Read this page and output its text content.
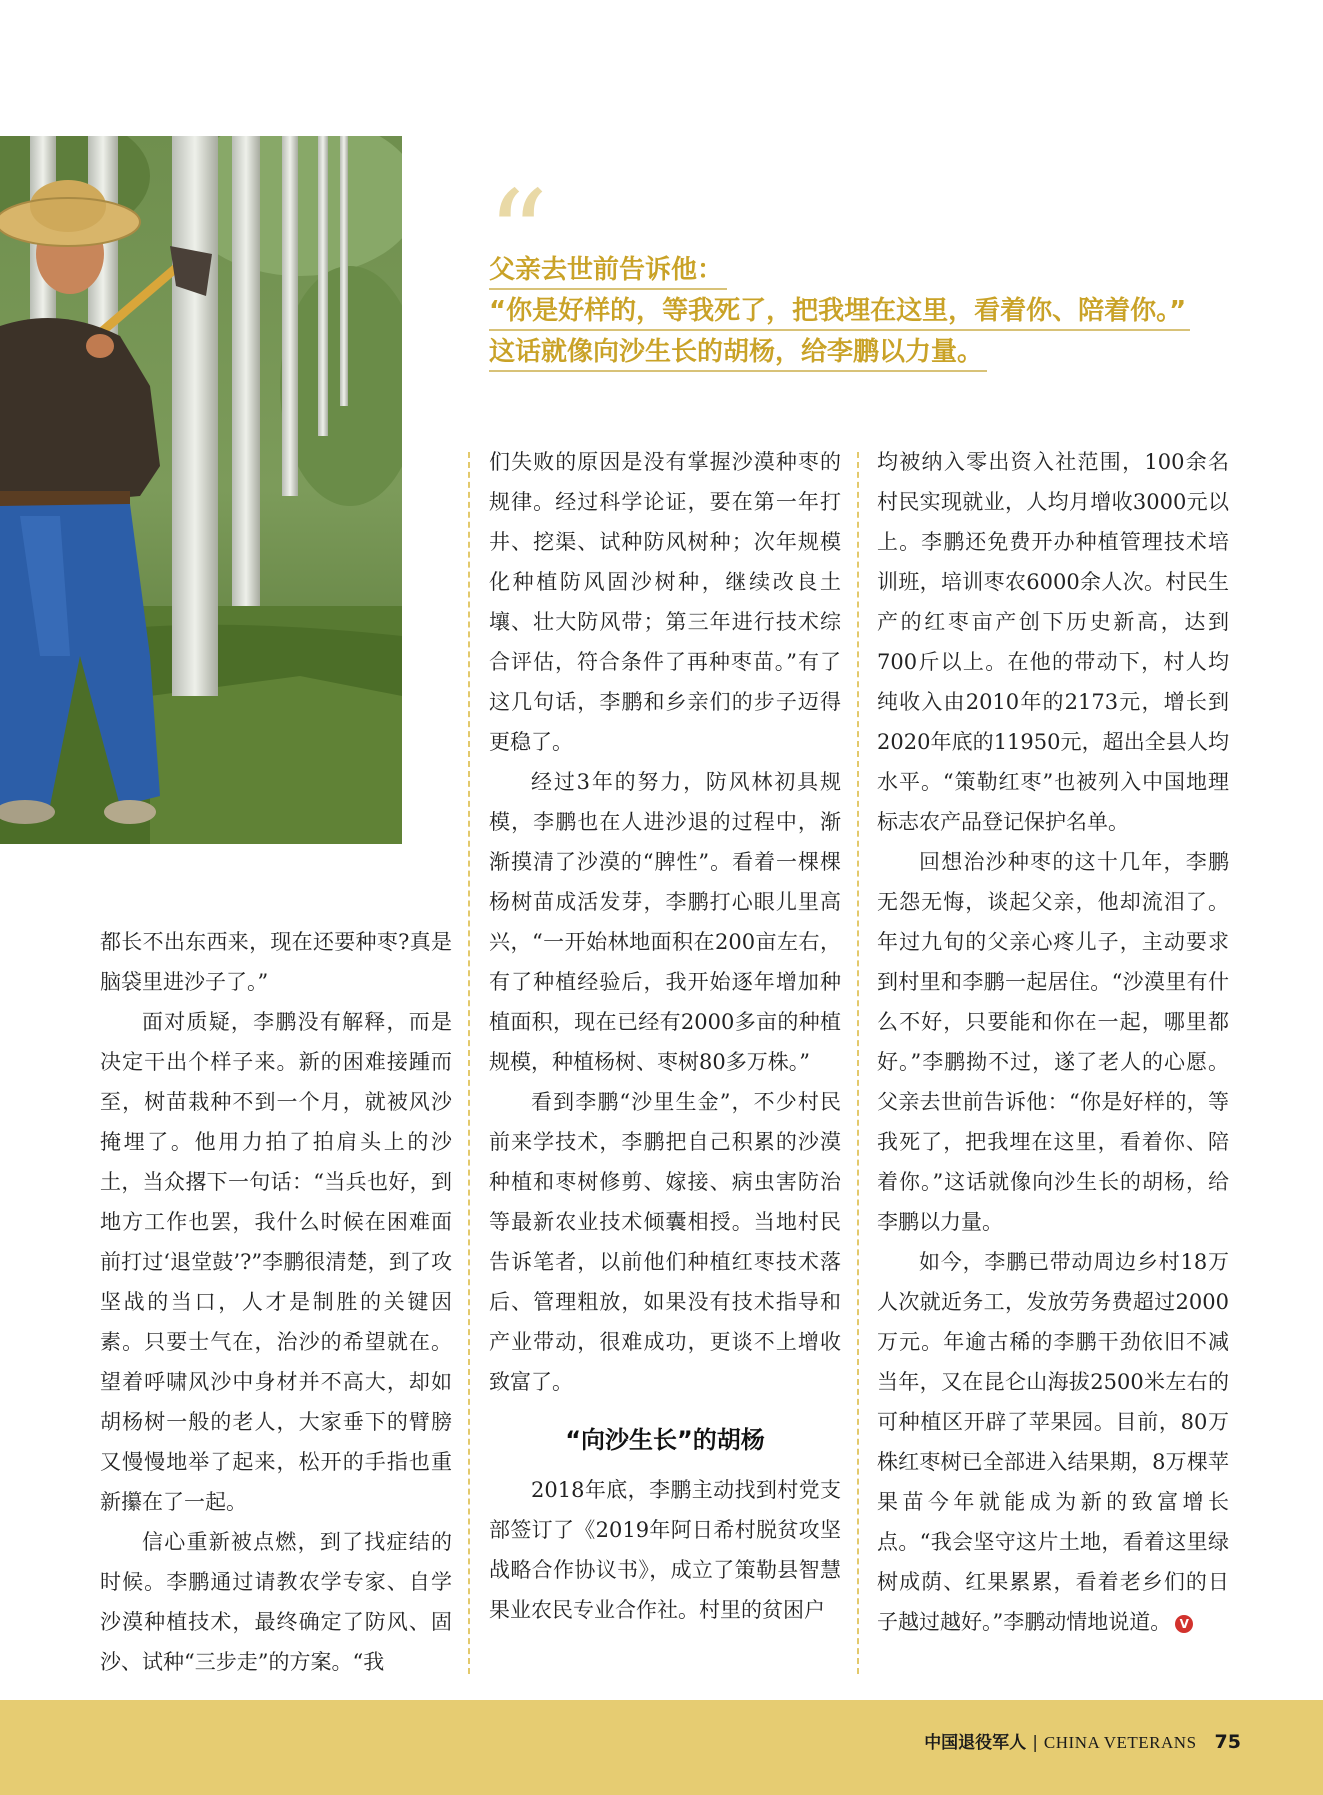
“
父亲去世前告诉他：
“你是好样的，等我死了，把我埋在这里，看着你、陪着你。”
这话就像向沙生长的胡杨，给李鹏以力量。

都长不出东西来，现在还要种枣?真是脑袋里进沙子了。”

面对质疑，李鹏没有解释，而是决定干出个样子来。新的困难接踵而至，树苗栽种不到一个月，就被风沙掩埋了。他用力拍了拍肩头上的沙土，当众撂下一句话：“当兵也好，到地方工作也罢，我什么时候在困难面前打过‘退堂鼓’?”李鹏很清楚，到了攻坚战的当口，人才是制胜的关键因素。只要士气在，治沙的希望就在。望着呼啸风沙中身材并不高大，却如胡杨树一般的老人，大家垂下的臂膀又慢慢地举了起来，松开的手指也重新攥在了一起。

信心重新被点燃，到了找症结的时候。李鹏通过请教农学专家、自学沙漠种植技术，最终确定了防风、固沙、试种“三步走”的方案。“我

们失败的原因是没有掌握沙漠种枣的规律。经过科学论证，要在第一年打井、挖渠、试种防风树种；次年规模化种植防风固沙树种，继续改良土壤、壮大防风带；第三年进行技术综合评估，符合条件了再种枣苗。”有了这几句话，李鹏和乡亲们的步子迈得更稳了。

经过3年的努力，防风林初具规模，李鹏也在人进沙退的过程中，渐渐摸清了沙漠的“脾性”。看着一棵棵杨树苗成活发芽，李鹏打心眼儿里高兴，“一开始林地面积在200亩左右，有了种植经验后，我开始逐年增加种植面积，现在已经有2000多亩的种植规模，种植杨树、枣树80多万株。”

看到李鹏“沙里生金”，不少村民前来学技术，李鹏把自己积累的沙漠种植和枣树修剪、嫁接、病虫害防治等最新农业技术倾囊相授。当地村民告诉笔者，以前他们种植红枣技术落后、管理粗放，如果没有技术指导和产业带动，很难成功，更谈不上增收致富了。

“向沙生长”的胡杨

2018年底，李鹏主动找到村党支部签订了《2019年阿日希村脱贫攻坚战略合作协议书》，成立了策勒县智慧果业农民专业合作社。村里的贫困户

均被纳入零出资入社范围，100余名村民实现就业，人均月增收3000元以上。李鹏还免费开办种植管理技术培训班，培训枣农6000余人次。村民生产的红枣亩产创下历史新高，达到700斤以上。在他的带动下，村人均纯收入由2010年的2173元，增长到2020年底的11950元，超出全县人均水平。“策勒红枣”也被列入中国地理标志农产品登记保护名单。

回想治沙种枣的这十几年，李鹏无怨无悔，谈起父亲，他却流泪了。年过九旬的父亲心疼儿子，主动要求到村里和李鹏一起居住。“沙漠里有什么不好，只要能和你在一起，哪里都好。”李鹏拗不过，遂了老人的心愿。父亲去世前告诉他：“你是好样的，等我死了，把我埋在这里，看着你、陪着你。”这话就像向沙生长的胡杨，给李鹏以力量。

如今，李鹏已带动周边乡村18万人次就近务工，发放劳务费超过2000万元。年逾古稀的李鹏干劲依旧不减当年，又在昆仑山海拔2500米左右的可种植区开辟了苹果园。目前，80万株红枣树已全部进入结果期，8万棵苹果苗今年就能成为新的致富增长点。“我会坚守这片土地，看着这里绿树成荫、红果累累，看着老乡们的日子越过越好。”李鹏动情地说道。 V

中国退役军人 | CHINA VETERANS 75
